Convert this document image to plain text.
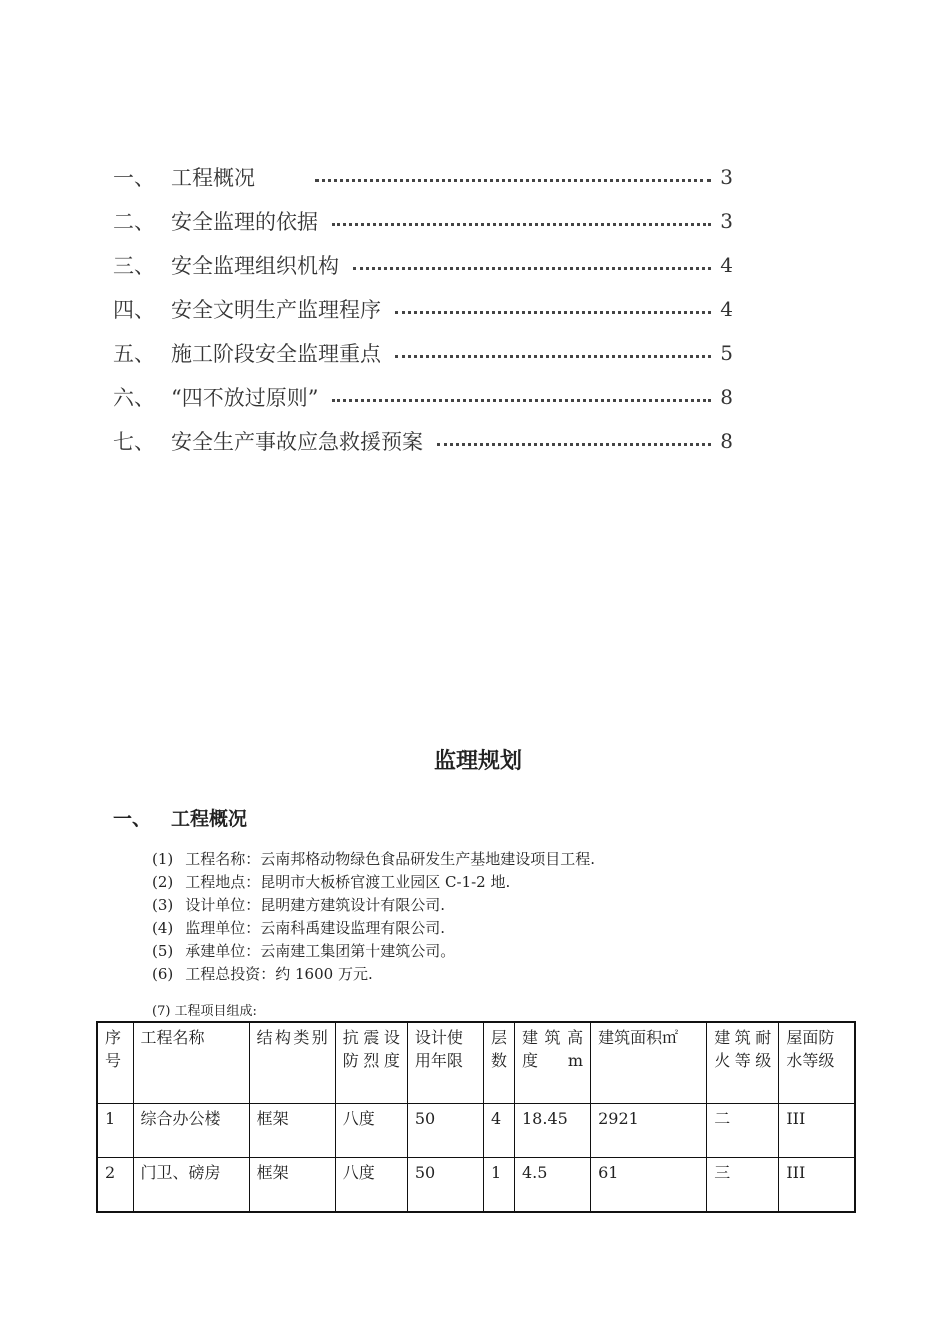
一、 工程概况	3
二、 安全监理的依据	3
三、 安全监理组织机构	4
四、 安全文明生产监理程序	4
五、 施工阶段安全监理重点	5
六、 “四不放过原则”	8
七、 安全生产事故应急救援预案	8
监理规划
一、	工程概况
(1) 工程名称：云南邦格动物绿色食品研发生产基地建设项目工程.
(2) 工程地点：昆明市大板桥官渡工业园区 C-1-2 地.
(3) 设计单位：昆明建方建筑设计有限公司.
(4) 监理单位：云南科禹建设监理有限公司.
(5) 承建单位：云南建工集团第十建筑公司。
(6) 工程总投资：约 1600 万元.
(7) 工程项目组成:
序号	工程名称	结构类别	抗震设防烈度	设计使用年限	层数	建筑高度m	建筑面积㎡	建筑耐火等级	屋面防水等级
1	综合办公楼	框架	八度	50	4	18.45	2921	二	III
2	门卫、磅房	框架	八度	50	1	4.5	61	三	III
